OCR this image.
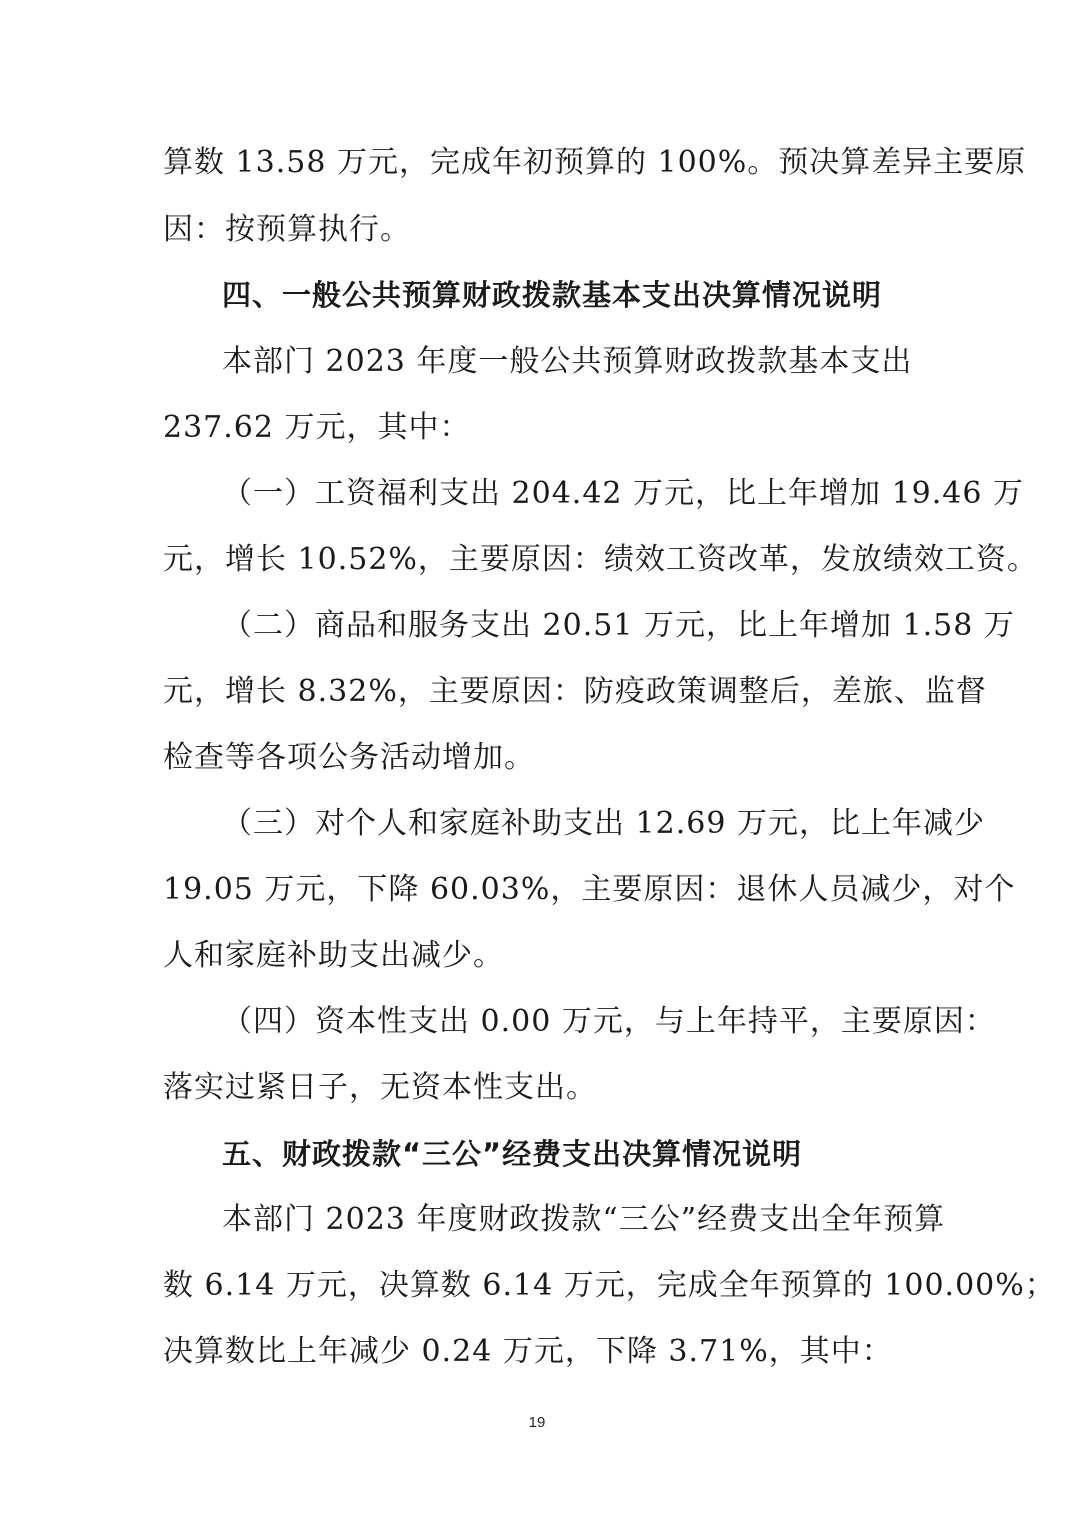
算数 13.58 万元，完成年初预算的 100%。预决算差异主要原
因：按预算执行。
四、一般公共预算财政拨款基本支出决算情况说明
本部门 2023 年度一般公共预算财政拨款基本支出
237.62 万元，其中：
（一）工资福利支出 204.42 万元，比上年增加 19.46 万
元，增长 10.52%，主要原因：绩效工资改革，发放绩效工资。
（二）商品和服务支出 20.51 万元，比上年增加 1.58 万
元，增长 8.32%，主要原因：防疫政策调整后，差旅、监督
检查等各项公务活动增加。
（三）对个人和家庭补助支出 12.69 万元，比上年减少
19.05 万元，下降 60.03%，主要原因：退休人员减少，对个
人和家庭补助支出减少。
（四）资本性支出 0.00 万元，与上年持平，主要原因：
落实过紧日子，无资本性支出。
五、财政拨款“三公”经费支出决算情况说明
本部门 2023 年度财政拨款“三公”经费支出全年预算
数 6.14 万元，决算数 6.14 万元，完成全年预算的 100.00%；
决算数比上年减少 0.24 万元，下降 3.71%，其中：
19
